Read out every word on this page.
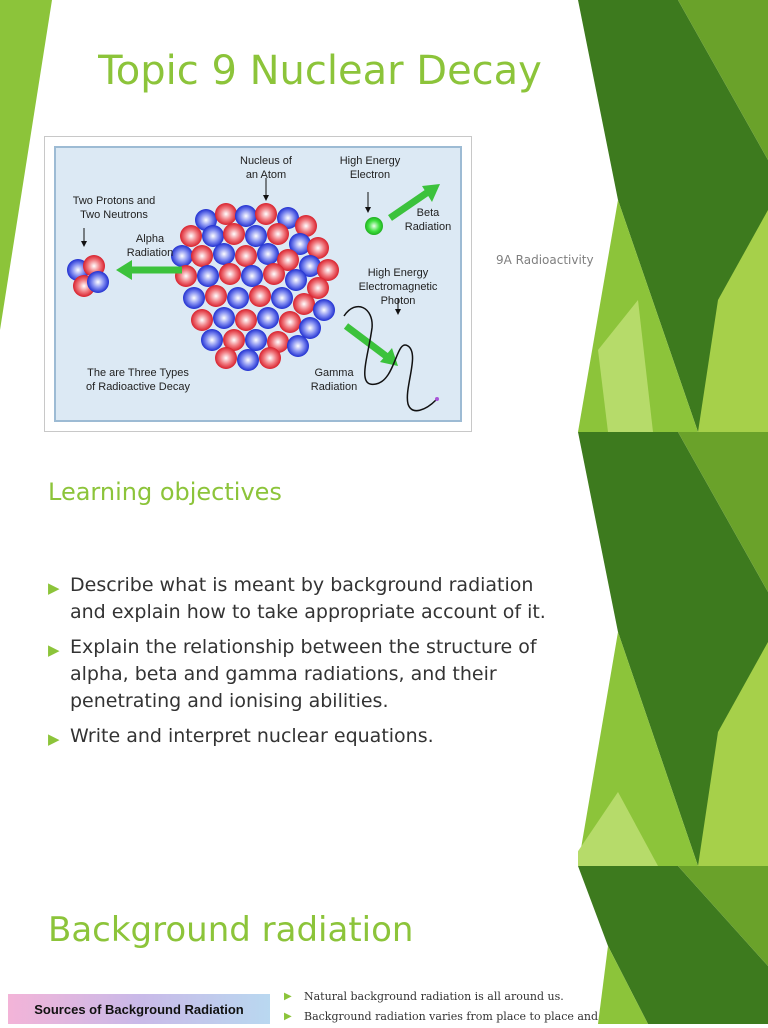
Topic 9 Nuclear Decay
9A Radioactivity
Nucleus of
an Atom
High Energy
Electron
Beta
Radiation
Two Protons and
Two Neutrons
Alpha
Radiation
High Energy
Electromagnetic
Photon
The are Three Types
of Radioactive Decay
Gamma
Radiation
Learning objectives
▶ Describe what is meant by background radiation and explain how to take appropriate account of it.
▶ Explain the relationship between the structure of alpha, beta and gamma radiations, and their penetrating and ionising abilities.
▶ Write and interpret nuclear equations.
Background radiation
Sources of Background Radiation
▶ Natural background radiation is all around us.
▶ Background radiation varies from place to place and
